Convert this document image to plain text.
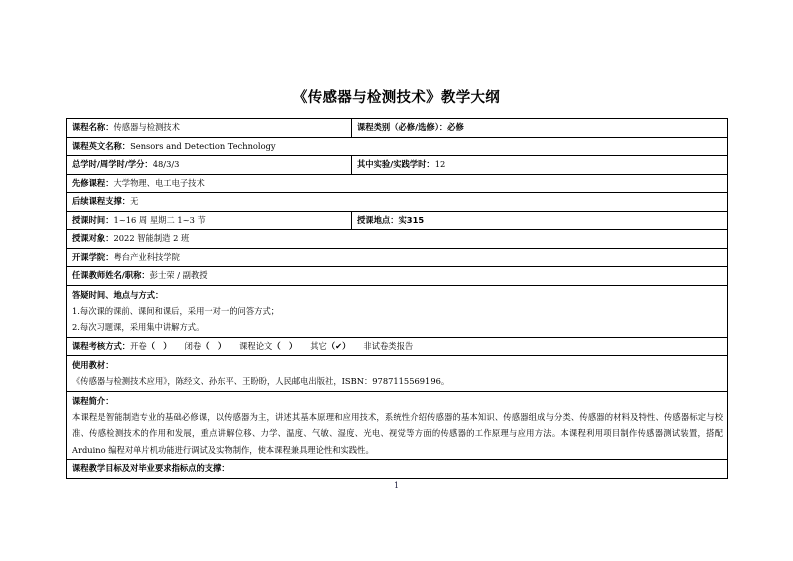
《传感器与检测技术》教学大纲
课程名称：传感器与检测技术	课程类别（必修/选修）：必修
课程英文名称：Sensors and Detection Technology	
总学时/周学时/学分：48/3/3	其中实验/实践学时：12
先修课程：大学物理、电工电子技术	
后续课程支撑：无	
授课时间：1~16 周 星期二 1~3 节	授课地点：实315
授课对象：2022 智能制造 2 班	
开课学院：粤台产业科技学院	
任课教师姓名/职称：彭士荣 / 副教授	

答疑时间、地点与方式：
1.每次课的课前、课间和课后，采用一对一的问答方式；
2.每次习题课，采用集中讲解方式。	

课程考核方式：开卷（　） 闭卷（　） 课程论文（　） 其它（✔） 非试卷类报告	

使用教材：
《传感器与检测技术应用》，陈经文、孙东平、王盼盼，人民邮电出版社，ISBN：9787115569196。	

课程简介：
本课程是智能制造专业的基础必修课，以传感器为主，讲述其基本原理和应用技术，系统性介绍传感器的基本知识、传感器组成与分类、传感器的材料及特性、传感器标定与校准、传感检测技术的作用和发展，重点讲解位移、力学、温度、气敏、湿度、光电、视觉等方面的传感器的工作原理与应用方法。本课程利用项目制作传感器测试装置，搭配 Arduino 编程对单片机功能进行调试及实物制作，使本课程兼具理论性和实践性。	

课程教学目标及对毕业要求指标点的支撑：	
1
